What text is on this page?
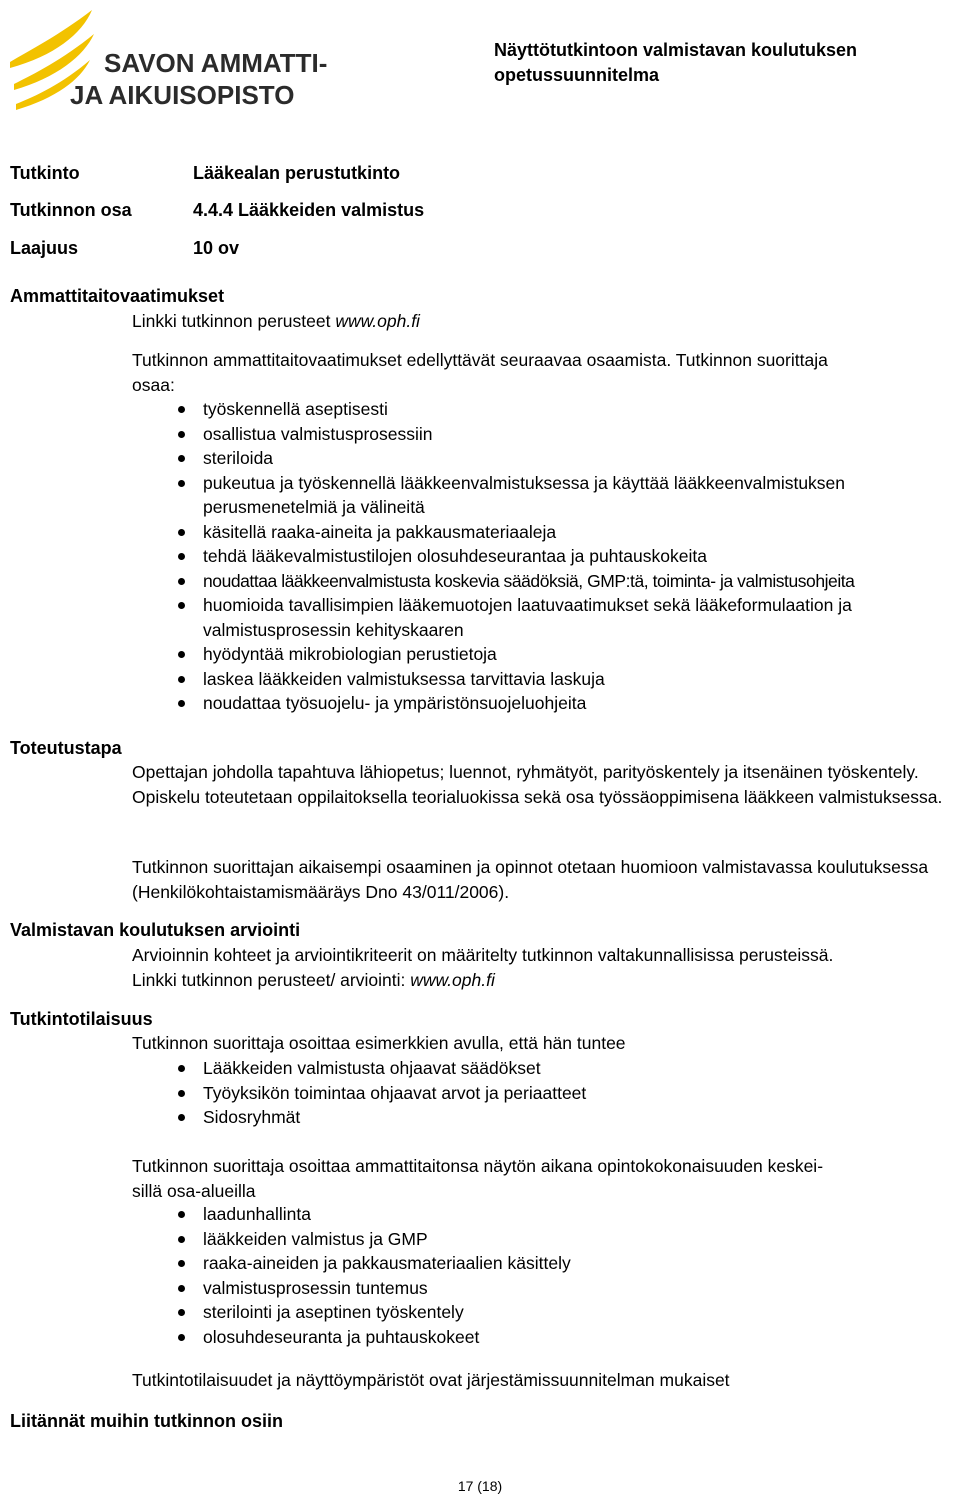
SAVON AMMATTI-
JA AIKUISOPISTO
Näyttötutkintoon valmistavan koulutuksen
opetussuunnitelma
Tutkinto	Lääkealan perustutkinto
Tutkinnon osa	4.4.4 Lääkkeiden valmistus
Laajuus	10 ov
Ammattitaitovaatimukset
Linkki tutkinnon perusteet www.oph.fi
Tutkinnon ammattitaitovaatimukset edellyttävät seuraavaa osaamista. Tutkinnon suorittaja
osaa:
työskennellä aseptisesti
osallistua valmistusprosessiin
steriloida
pukeutua ja työskennellä lääkkeenvalmistuksessa ja käyttää lääkkeenvalmistuksen perusmenetelmiä ja välineitä
käsitellä raaka-aineita ja pakkausmateriaaleja
tehdä lääkevalmistustilojen olosuhdeseurantaa ja puhtauskokeita
noudattaa lääkkeenvalmistusta koskevia säädöksiä, GMP:tä, toiminta- ja valmistusohjeita
huomioida tavallisimpien lääkemuotojen laatuvaatimukset sekä lääkeformulaation ja valmistusprosessin kehityskaaren
hyödyntää mikrobiologian perustietoja
laskea lääkkeiden valmistuksessa tarvittavia laskuja
noudattaa työsuojelu- ja ympäristönsuojeluohjeita
Toteutustapa

Opettajan johdolla tapahtuva lähiopetus; luennot, ryhmätyöt, parityöskentely ja itsenäinen työskentely. Opiskelu toteutetaan oppilaitoksella teorialuokissa sekä osa työssäoppimisena lääkkeen valmistuksessa.

Tutkinnon suorittajan aikaisempi osaaminen ja opinnot otetaan huomioon valmistavassa koulutuksessa (Henkilökohtaistamismääräys Dno 43/011/2006).

Valmistavan koulutuksen arviointi
Arvioinnin kohteet ja arviointikriteerit on määritelty tutkinnon valtakunnallisissa perusteissä.
Linkki tutkinnon perusteet/ arviointi: www.oph.fi
Tutkintotilaisuus
Tutkinnon suorittaja osoittaa esimerkkien avulla, että hän tuntee
Lääkkeiden valmistusta ohjaavat säädökset
Työyksikön toimintaa ohjaavat arvot ja periaatteet
Sidosryhmät
Tutkinnon suorittaja osoittaa ammattitaitonsa näytön aikana opintokokonaisuuden keskei-
sillä osa-alueilla
laadunhallinta
lääkkeiden valmistus ja GMP
raaka-aineiden ja pakkausmateriaalien käsittely
valmistusprosessin tuntemus
sterilointi ja aseptinen työskentely
olosuhdeseuranta ja puhtauskokeet
Tutkintotilaisuudet ja näyttöympäristöt ovat järjestämissuunnitelman mukaiset
Liitännät muihin tutkinnon osiin
17 (18)
